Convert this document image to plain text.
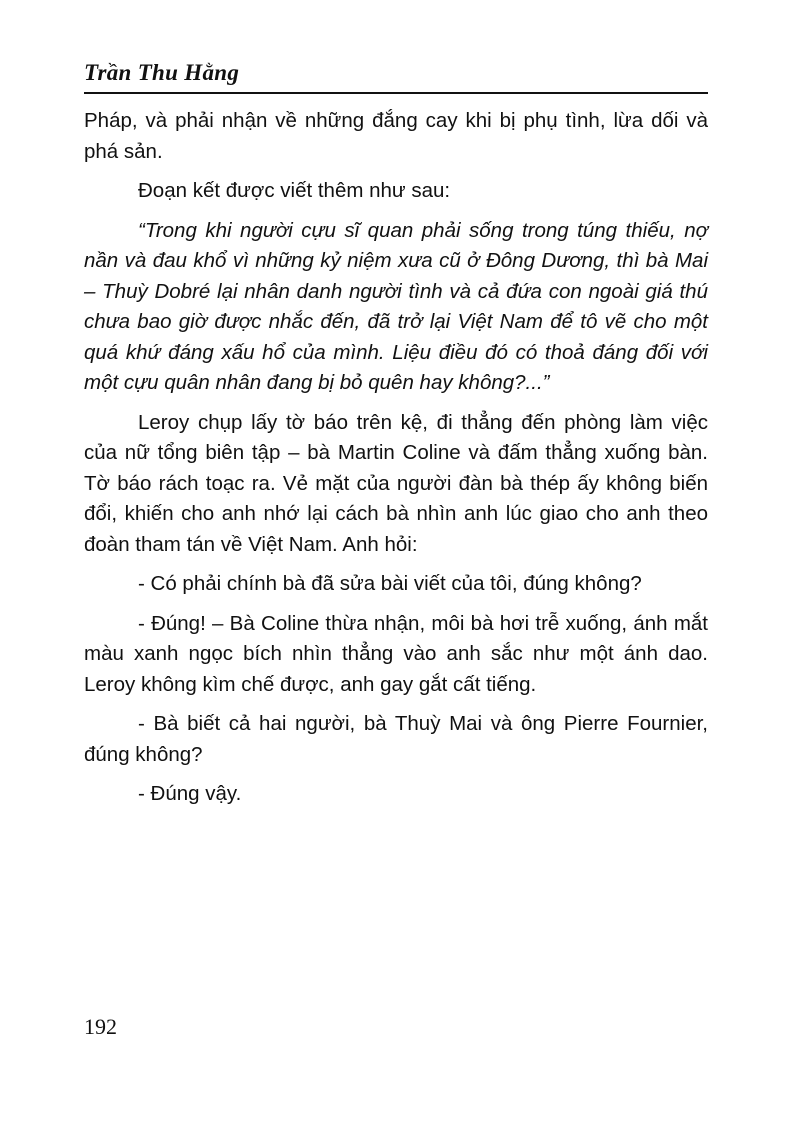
Trần Thu Hằng

Pháp, và phải nhận về những đắng cay khi bị phụ tình, lừa dối và phá sản.

Đoạn kết được viết thêm như sau:

“Trong khi người cựu sĩ quan phải sống trong túng thiếu, nợ nần và đau khổ vì những kỷ niệm xưa cũ ở Đông Dương, thì bà Mai – Thuỳ Dobré lại nhân danh người tình và cả đứa con ngoài giá thú chưa bao giờ được nhắc đến, đã trở lại Việt Nam để tô vẽ cho một quá khứ đáng xấu hổ của mình. Liệu điều đó có thoả đáng đối với một cựu quân nhân đang bị bỏ quên hay không?...”

Leroy chụp lấy tờ báo trên kệ, đi thẳng đến phòng làm việc của nữ tổng biên tập – bà Martin Coline và đấm thẳng xuống bàn. Tờ báo rách toạc ra. Vẻ mặt của người đàn bà thép ấy không biến đổi, khiến cho anh nhớ lại cách bà nhìn anh lúc giao cho anh theo đoàn tham tán về Việt Nam. Anh hỏi:

- Có phải chính bà đã sửa bài viết của tôi, đúng không?

- Đúng! – Bà Coline thừa nhận, môi bà hơi trễ xuống, ánh mắt màu xanh ngọc bích nhìn thẳng vào anh sắc như một ánh dao. Leroy không kìm chế được, anh gay gắt cất tiếng.

- Bà biết cả hai người, bà Thuỳ Mai và ông Pierre Fournier, đúng không?

- Đúng vậy.

192
